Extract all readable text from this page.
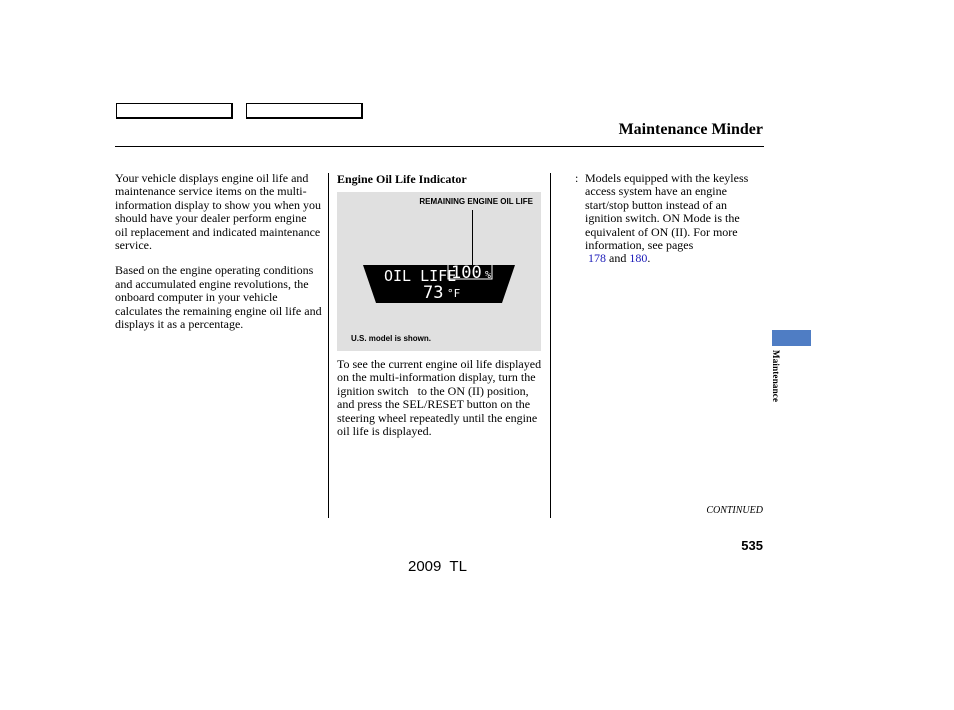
Maintenance Minder

Your vehicle displays engine oil life and maintenance service items on the multi-information display to show you when you should have your dealer perform engine oil replacement and indicated maintenance service.

Based on the engine operating conditions and accumulated engine revolutions, the onboard computer in your vehicle calculates the remaining engine oil life and displays it as a percentage.

Engine Oil Life Indicator
REMAINING ENGINE OIL LIFE
OIL LIFE
100 %
73 °F
U.S. model is shown.

To see the current engine oil life displayed on the multi-information display, turn the ignition switch   to the ON (II) position, and press the SEL/RESET button on the steering wheel repeatedly until the engine oil life is displayed.

: Models equipped with the keyless access system have an engine start/stop button instead of an ignition switch. ON Mode is the equivalent of ON (II). For more information, see pages
178 and 180.
Maintenance
CONTINUED
535
2009  TL
